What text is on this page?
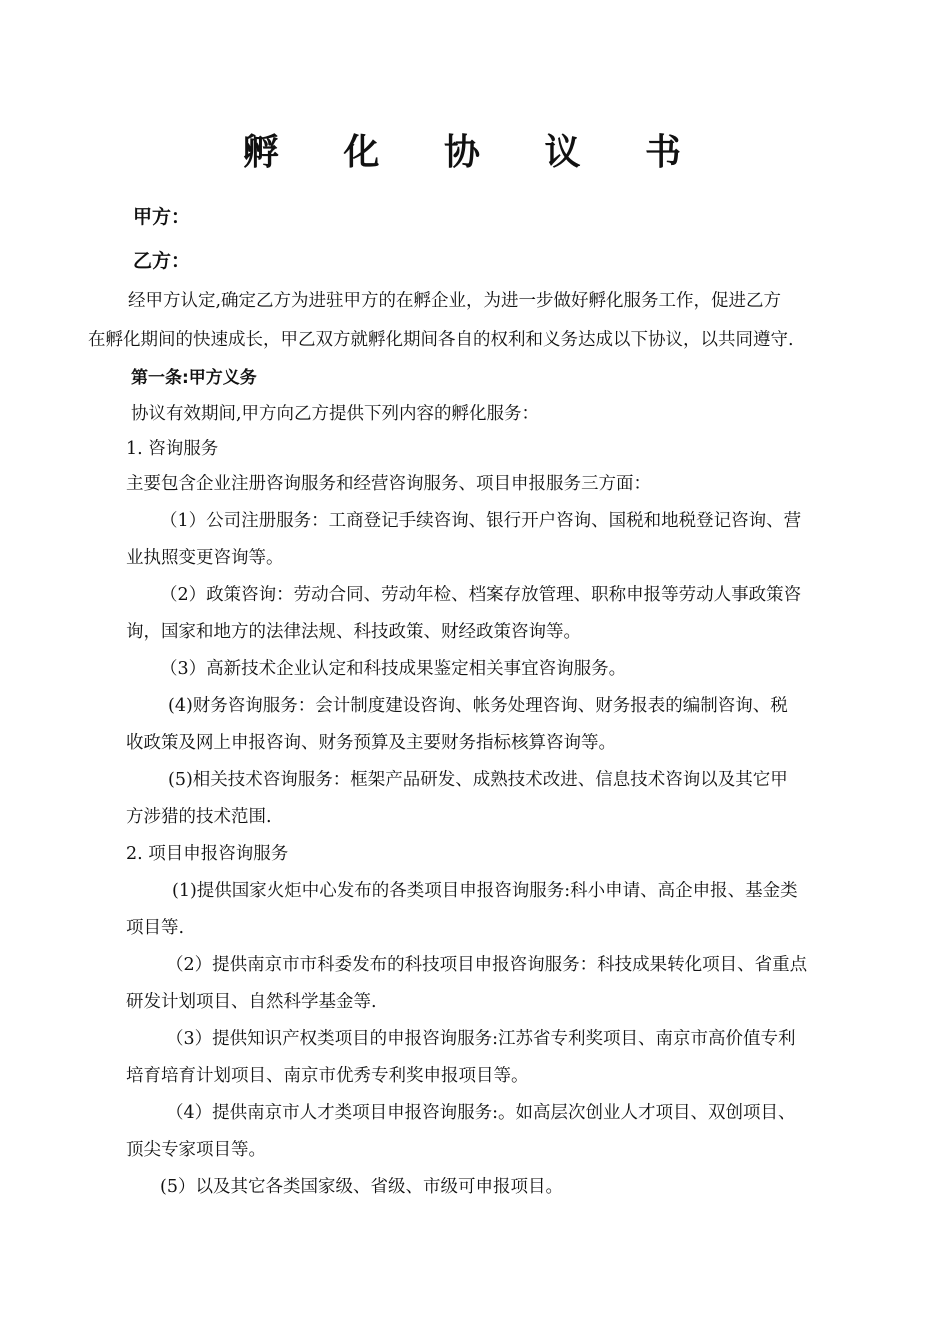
孵 化 协 议 书
甲方：
乙方：
经甲方认定,确定乙方为进驻甲方的在孵企业，为进一步做好孵化服务工作，促进乙方
在孵化期间的快速成长，甲乙双方就孵化期间各自的权利和义务达成以下协议，以共同遵守.
第一条:甲方义务
协议有效期间,甲方向乙方提供下列内容的孵化服务：
1. 咨询服务
主要包含企业注册咨询服务和经营咨询服务、项目申报服务三方面：
（1）公司注册服务：工商登记手续咨询、银行开户咨询、国税和地税登记咨询、营
业执照变更咨询等。
（2）政策咨询：劳动合同、劳动年检、档案存放管理、职称申报等劳动人事政策咨
询，国家和地方的法律法规、科技政策、财经政策咨询等。
（3）高新技术企业认定和科技成果鉴定相关事宜咨询服务。
(4)财务咨询服务：会计制度建设咨询、帐务处理咨询、财务报表的编制咨询、税
收政策及网上申报咨询、财务预算及主要财务指标核算咨询等。
(5)相关技术咨询服务：框架产品研发、成熟技术改进、信息技术咨询以及其它甲
方涉猎的技术范围.
2. 项目申报咨询服务
(1)提供国家火炬中心发布的各类项目申报咨询服务:科小申请、高企申报、基金类
项目等.
（2）提供南京市市科委发布的科技项目申报咨询服务：科技成果转化项目、省重点
研发计划项目、自然科学基金等.
（3）提供知识产权类项目的申报咨询服务:江苏省专利奖项目、南京市高价值专利
培育培育计划项目、南京市优秀专利奖申报项目等。
（4）提供南京市人才类项目申报咨询服务:。如高层次创业人才项目、双创项目、
顶尖专家项目等。
(5）以及其它各类国家级、省级、市级可申报项目。
